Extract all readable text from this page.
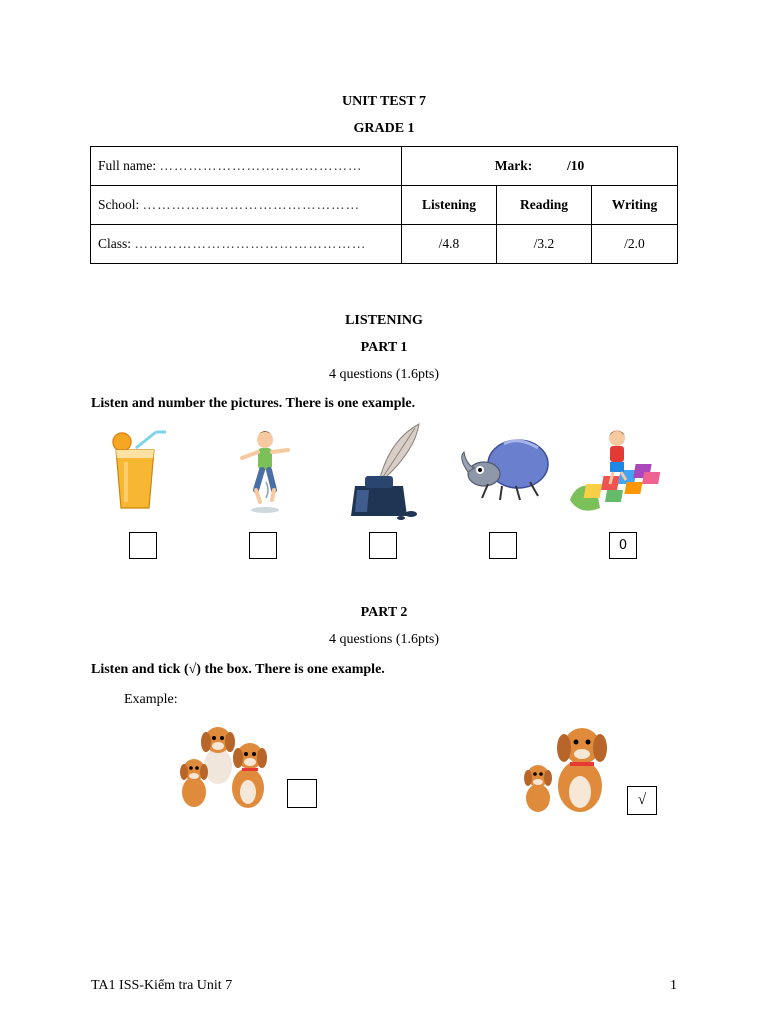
UNIT TEST 7
GRADE 1
Full name: ……………………………………	Mark: /10		
School: ………………………………………	Listening	Reading	Writing
Class: …………………………………………	/4.8	/3.2	/2.0
LISTENING
PART 1
4 questions (1.6pts)
Listen and number the pictures. There is one example.
0
PART 2
4 questions (1.6pts)
Listen and tick (√) the box. There is one example.
Example:
√
TA1 ISS-Kiểm tra Unit 7	1
